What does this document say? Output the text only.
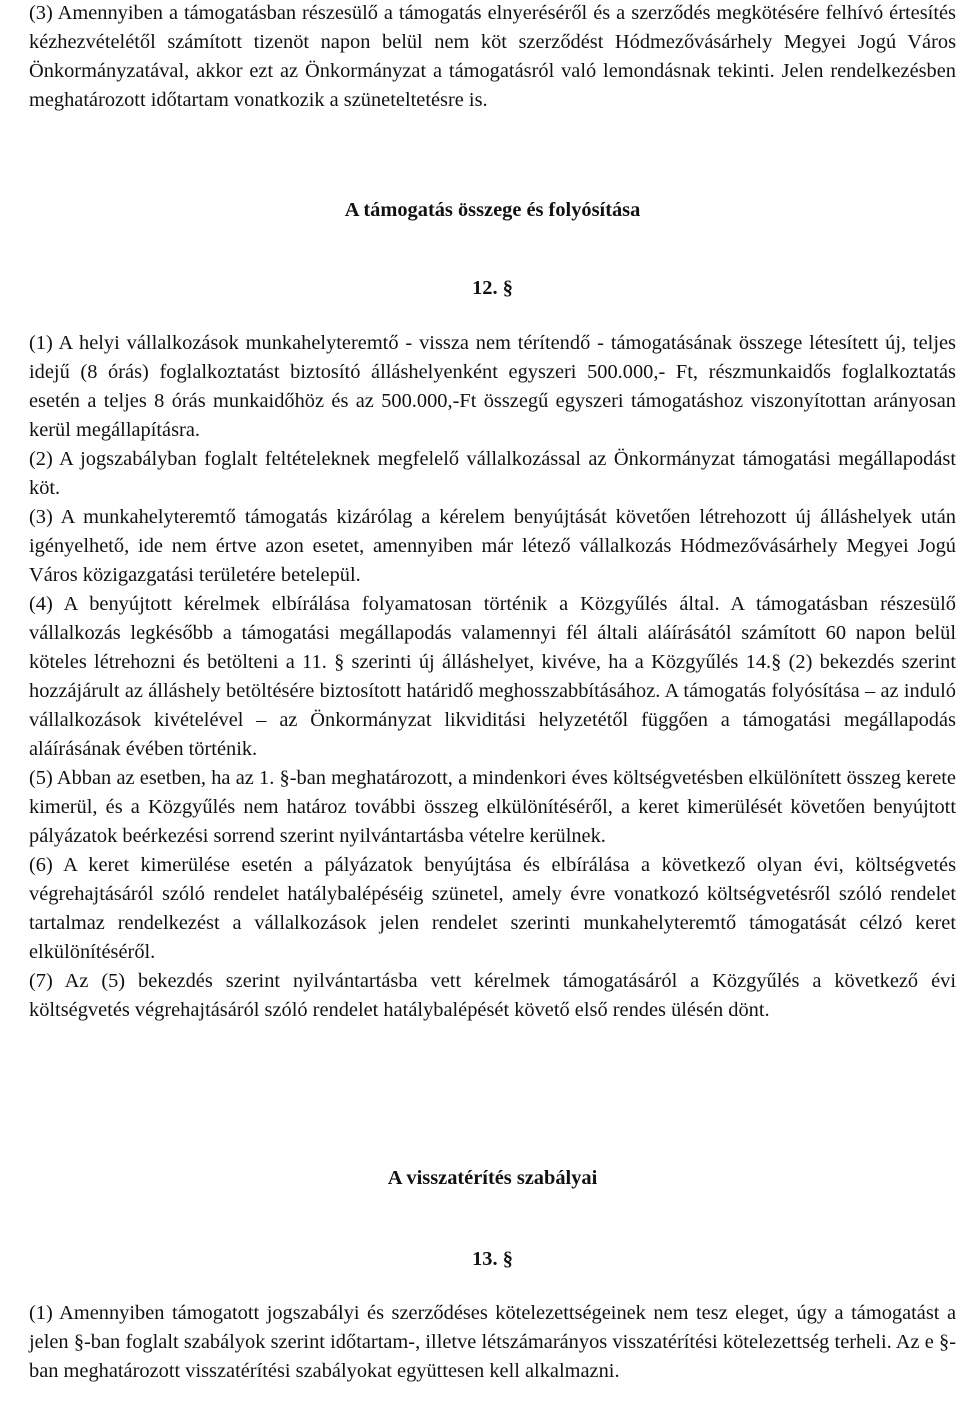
(3) Amennyiben a támogatásban részesülő a támogatás elnyeréséről és a szerződés megkötésére felhívó értesítés kézhezvételétől számított tizenöt napon belül nem köt szerződést Hódmezővásárhely Megyei Jogú Város Önkormányzatával, akkor ezt az Önkormányzat a támogatásról való lemondásnak tekinti. Jelen rendelkezésben meghatározott időtartam vonatkozik a szüneteltetésre is.

A támogatás összege és folyósítása

12. §

(1) A helyi vállalkozások munkahelyteremtő - vissza nem térítendő - támogatásának összege létesített új, teljes idejű (8 órás) foglalkoztatást biztosító álláshelyenként egyszeri 500.000,- Ft, részmunkaidős foglalkoztatás esetén a teljes 8 órás munkaidőhöz és az 500.000,-Ft összegű egyszeri támogatáshoz viszonyítottan arányosan kerül megállapításra.

(2) A jogszabályban foglalt feltételeknek megfelelő vállalkozással az Önkormányzat támogatási megállapodást köt.

(3) A munkahelyteremtő támogatás kizárólag a kérelem benyújtását követően létrehozott új álláshelyek után igényelhető, ide nem értve azon esetet, amennyiben már létező vállalkozás Hódmezővásárhely Megyei Jogú Város közigazgatási területére betelepül.

(4) A benyújtott kérelmek elbírálása folyamatosan történik a Közgyűlés által. A támogatásban részesülő vállalkozás legkésőbb a támogatási megállapodás valamennyi fél általi aláírásától számított 60 napon belül köteles létrehozni és betölteni a 11. § szerinti új álláshelyet, kivéve, ha a Közgyűlés 14.§ (2) bekezdés szerint hozzájárult az álláshely betöltésére biztosított határidő meghosszabbításához. A támogatás folyósítása – az induló vállalkozások kivételével – az Önkormányzat likviditási helyzetétől függően a támogatási megállapodás aláírásának évében történik.

(5) Abban az esetben, ha az 1. §-ban meghatározott, a mindenkori éves költségvetésben elkülönített összeg kerete kimerül, és a Közgyűlés nem határoz további összeg elkülönítéséről, a keret kimerülését követően benyújtott pályázatok beérkezési sorrend szerint nyilvántartásba vételre kerülnek.

(6) A keret kimerülése esetén a pályázatok benyújtása és elbírálása a következő olyan évi, költségvetés végrehajtásáról szóló rendelet hatálybalépéséig szünetel, amely évre vonatkozó költségvetésről szóló rendelet tartalmaz rendelkezést a vállalkozások jelen rendelet szerinti munkahelyteremtő támogatását célzó keret elkülönítéséről.

(7) Az (5) bekezdés szerint nyilvántartásba vett kérelmek támogatásáról a Közgyűlés a következő évi költségvetés végrehajtásáról szóló rendelet hatálybalépését követő első rendes ülésén dönt.

A visszatérítés szabályai

13. §

(1) Amennyiben támogatott jogszabályi és szerződéses kötelezettségeinek nem tesz eleget, úgy a támogatást a jelen §-ban foglalt szabályok szerint időtartam-, illetve létszámarányos visszatérítési kötelezettség terheli. Az e §-ban meghatározott visszatérítési szabályokat együttesen kell alkalmazni.
